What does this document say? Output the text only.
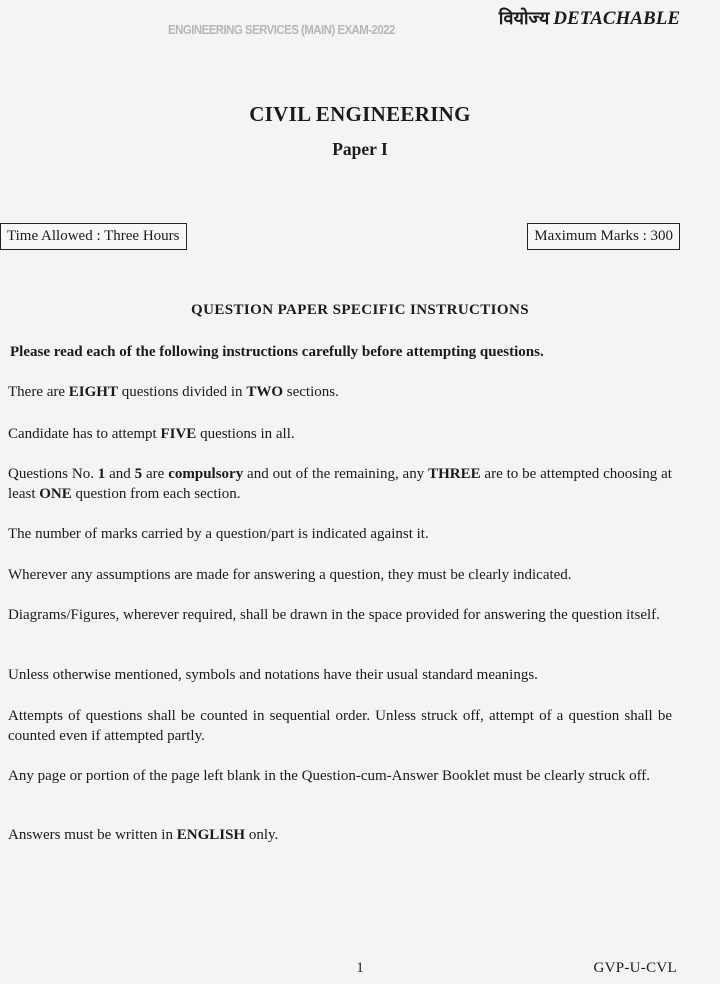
ENGINEERING SERVICES (MAIN) EXAM-2022
वियोज्य DETACHABLE
CIVIL ENGINEERING
Paper I
Time Allowed : Three Hours	Maximum Marks : 300
QUESTION PAPER SPECIFIC INSTRUCTIONS
Please read each of the following instructions carefully before attempting questions.

There are EIGHT questions divided in TWO sections.

Candidate has to attempt FIVE questions in all.

Questions No. 1 and 5 are compulsory and out of the remaining, any THREE are to be attempted choosing at least ONE question from each section.

The number of marks carried by a question/part is indicated against it.

Wherever any assumptions are made for answering a question, they must be clearly indicated.

Diagrams/Figures, wherever required, shall be drawn in the space provided for answering the question itself.

Unless otherwise mentioned, symbols and notations have their usual standard meanings.

Attempts of questions shall be counted in sequential order. Unless struck off, attempt of a question shall be counted even if attempted partly.

Any page or portion of the page left blank in the Question-cum-Answer Booklet must be clearly struck off.

Answers must be written in ENGLISH only.

1	GVP-U-CVL
